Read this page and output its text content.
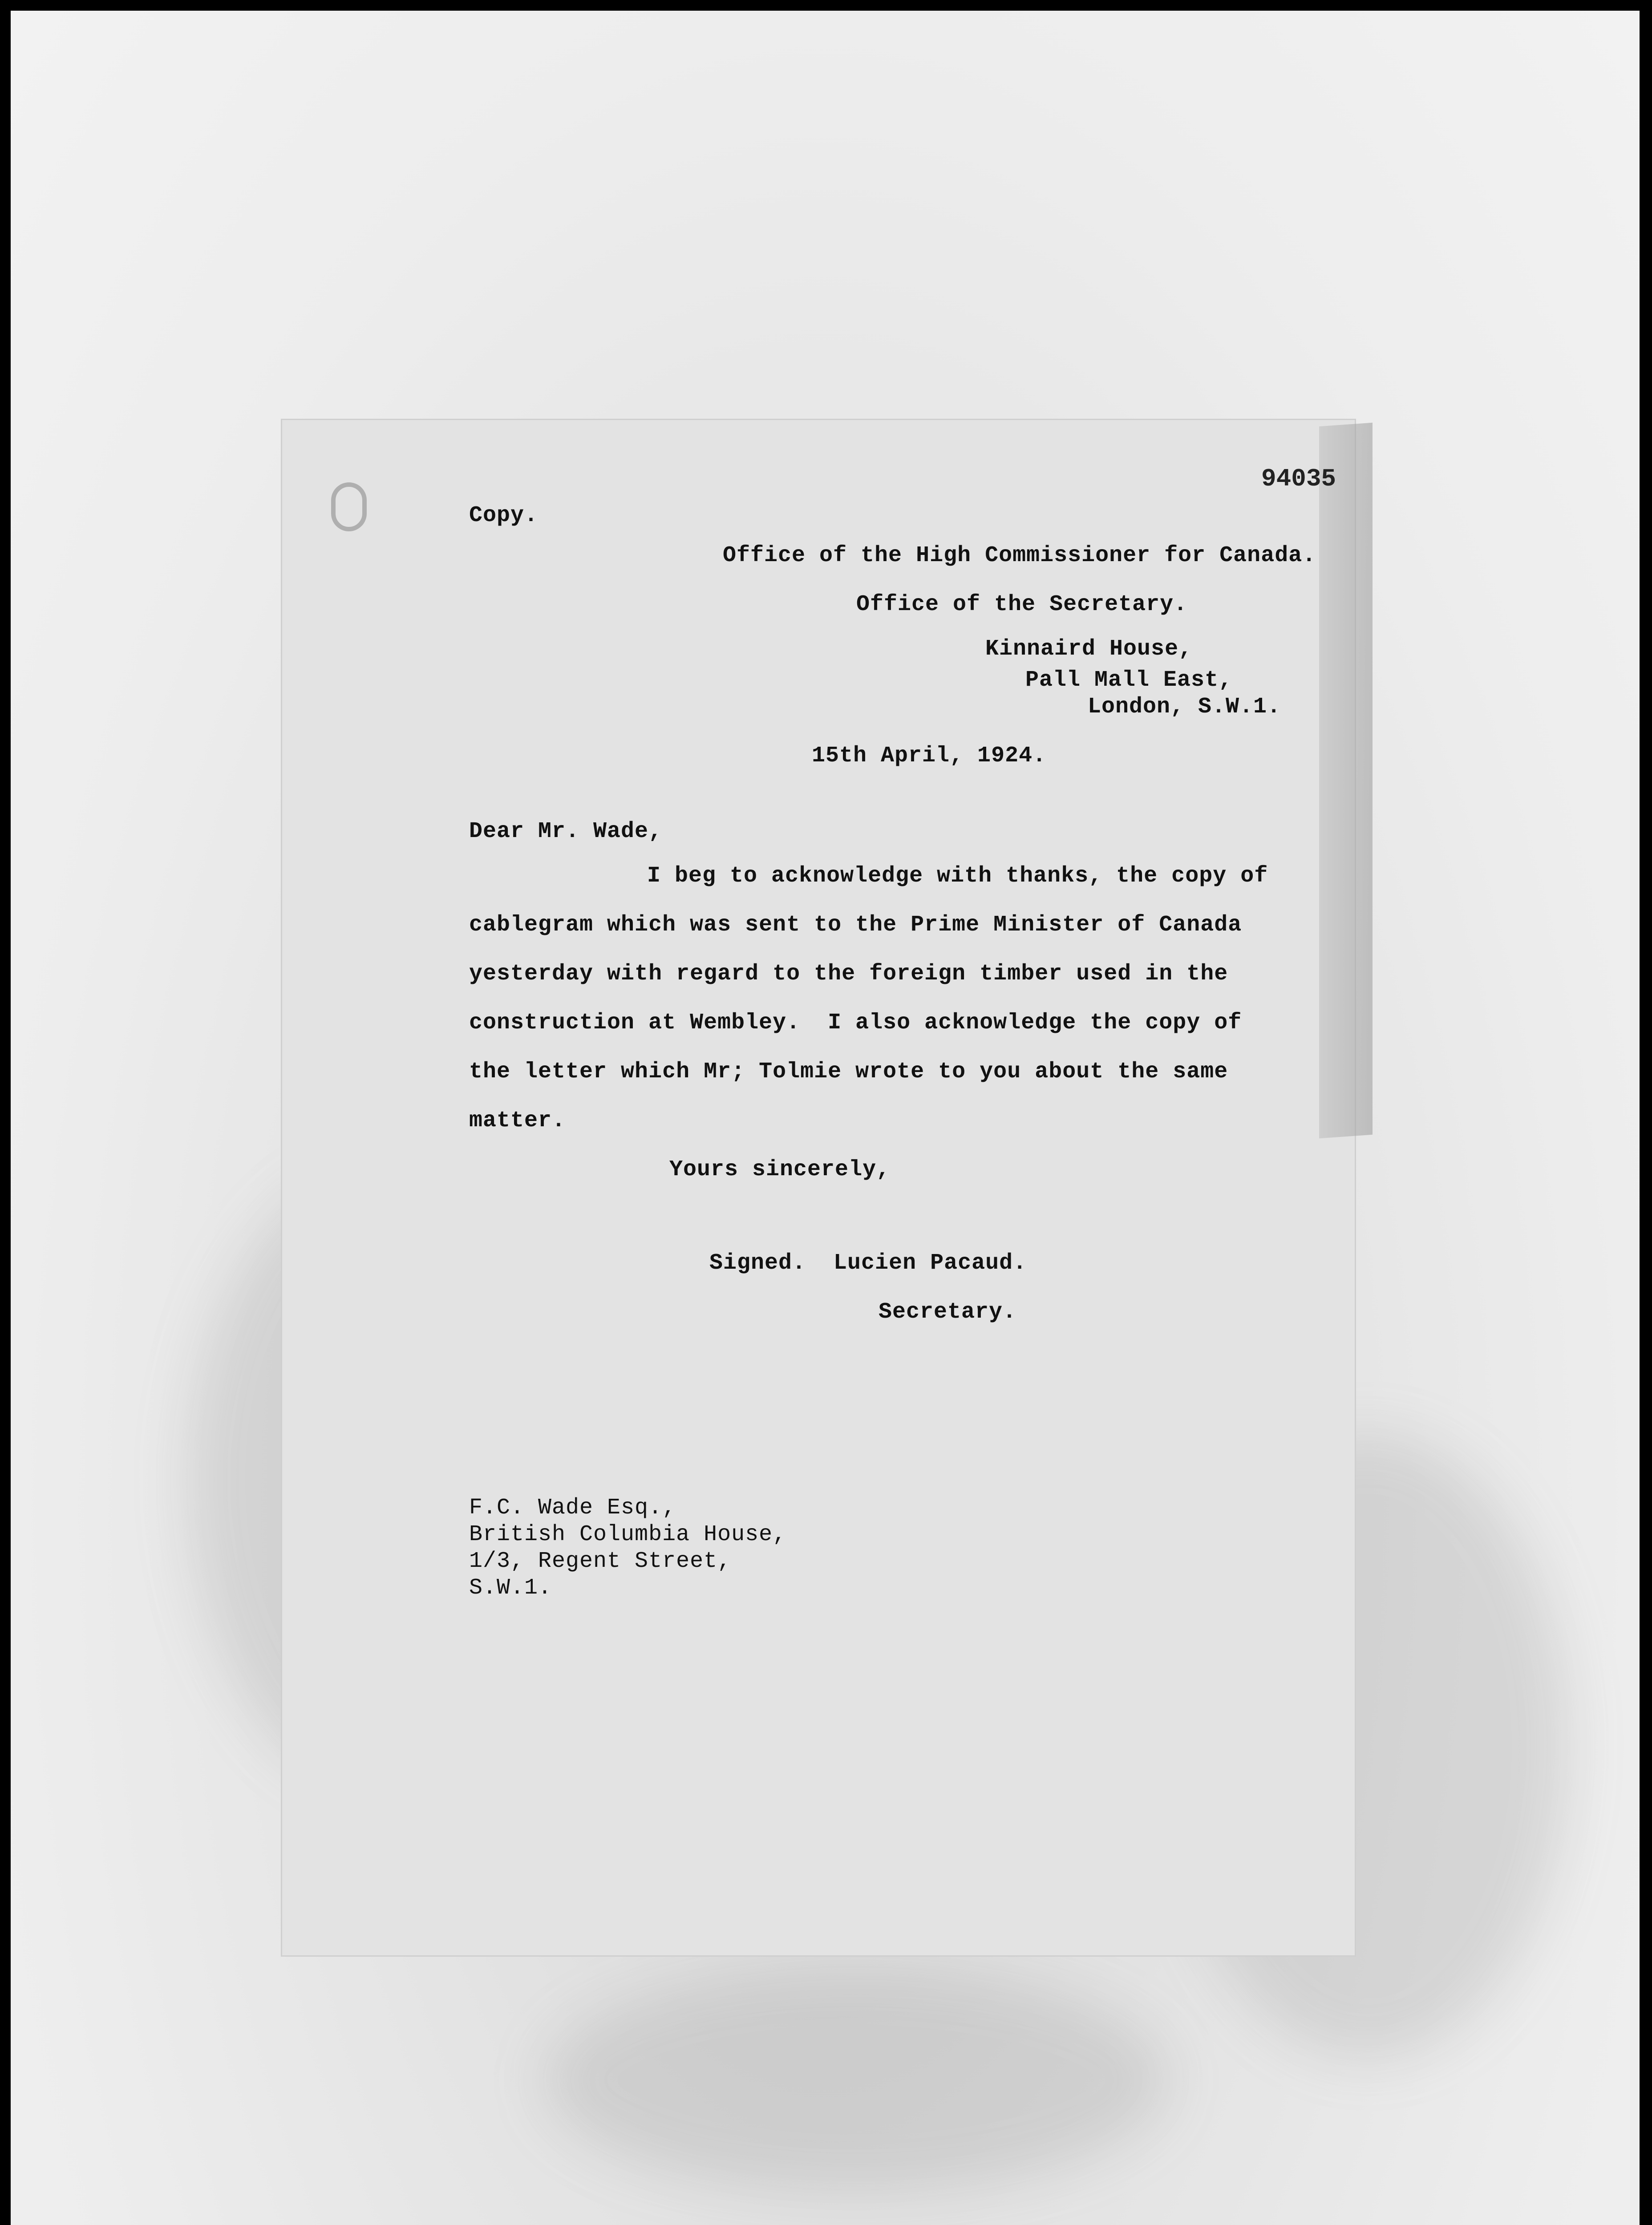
94035
Copy.
Office of the High Commissioner for Canada.
Office of the Secretary.
Kinnaird House,
Pall Mall East,
London, S.W.1.
15th April, 1924.
Dear Mr. Wade,
I beg to acknowledge with thanks, the copy of
cablegram which was sent to the Prime Minister of Canada
yesterday with regard to the foreign timber used in the
construction at Wembley.  I also acknowledge the copy of
the letter which Mr; Tolmie wrote to you about the same
matter.
Yours sincerely,
Signed.  Lucien Pacaud.
Secretary.
F.C. Wade Esq.,
British Columbia House,
1/3, Regent Street,
S.W.1.
